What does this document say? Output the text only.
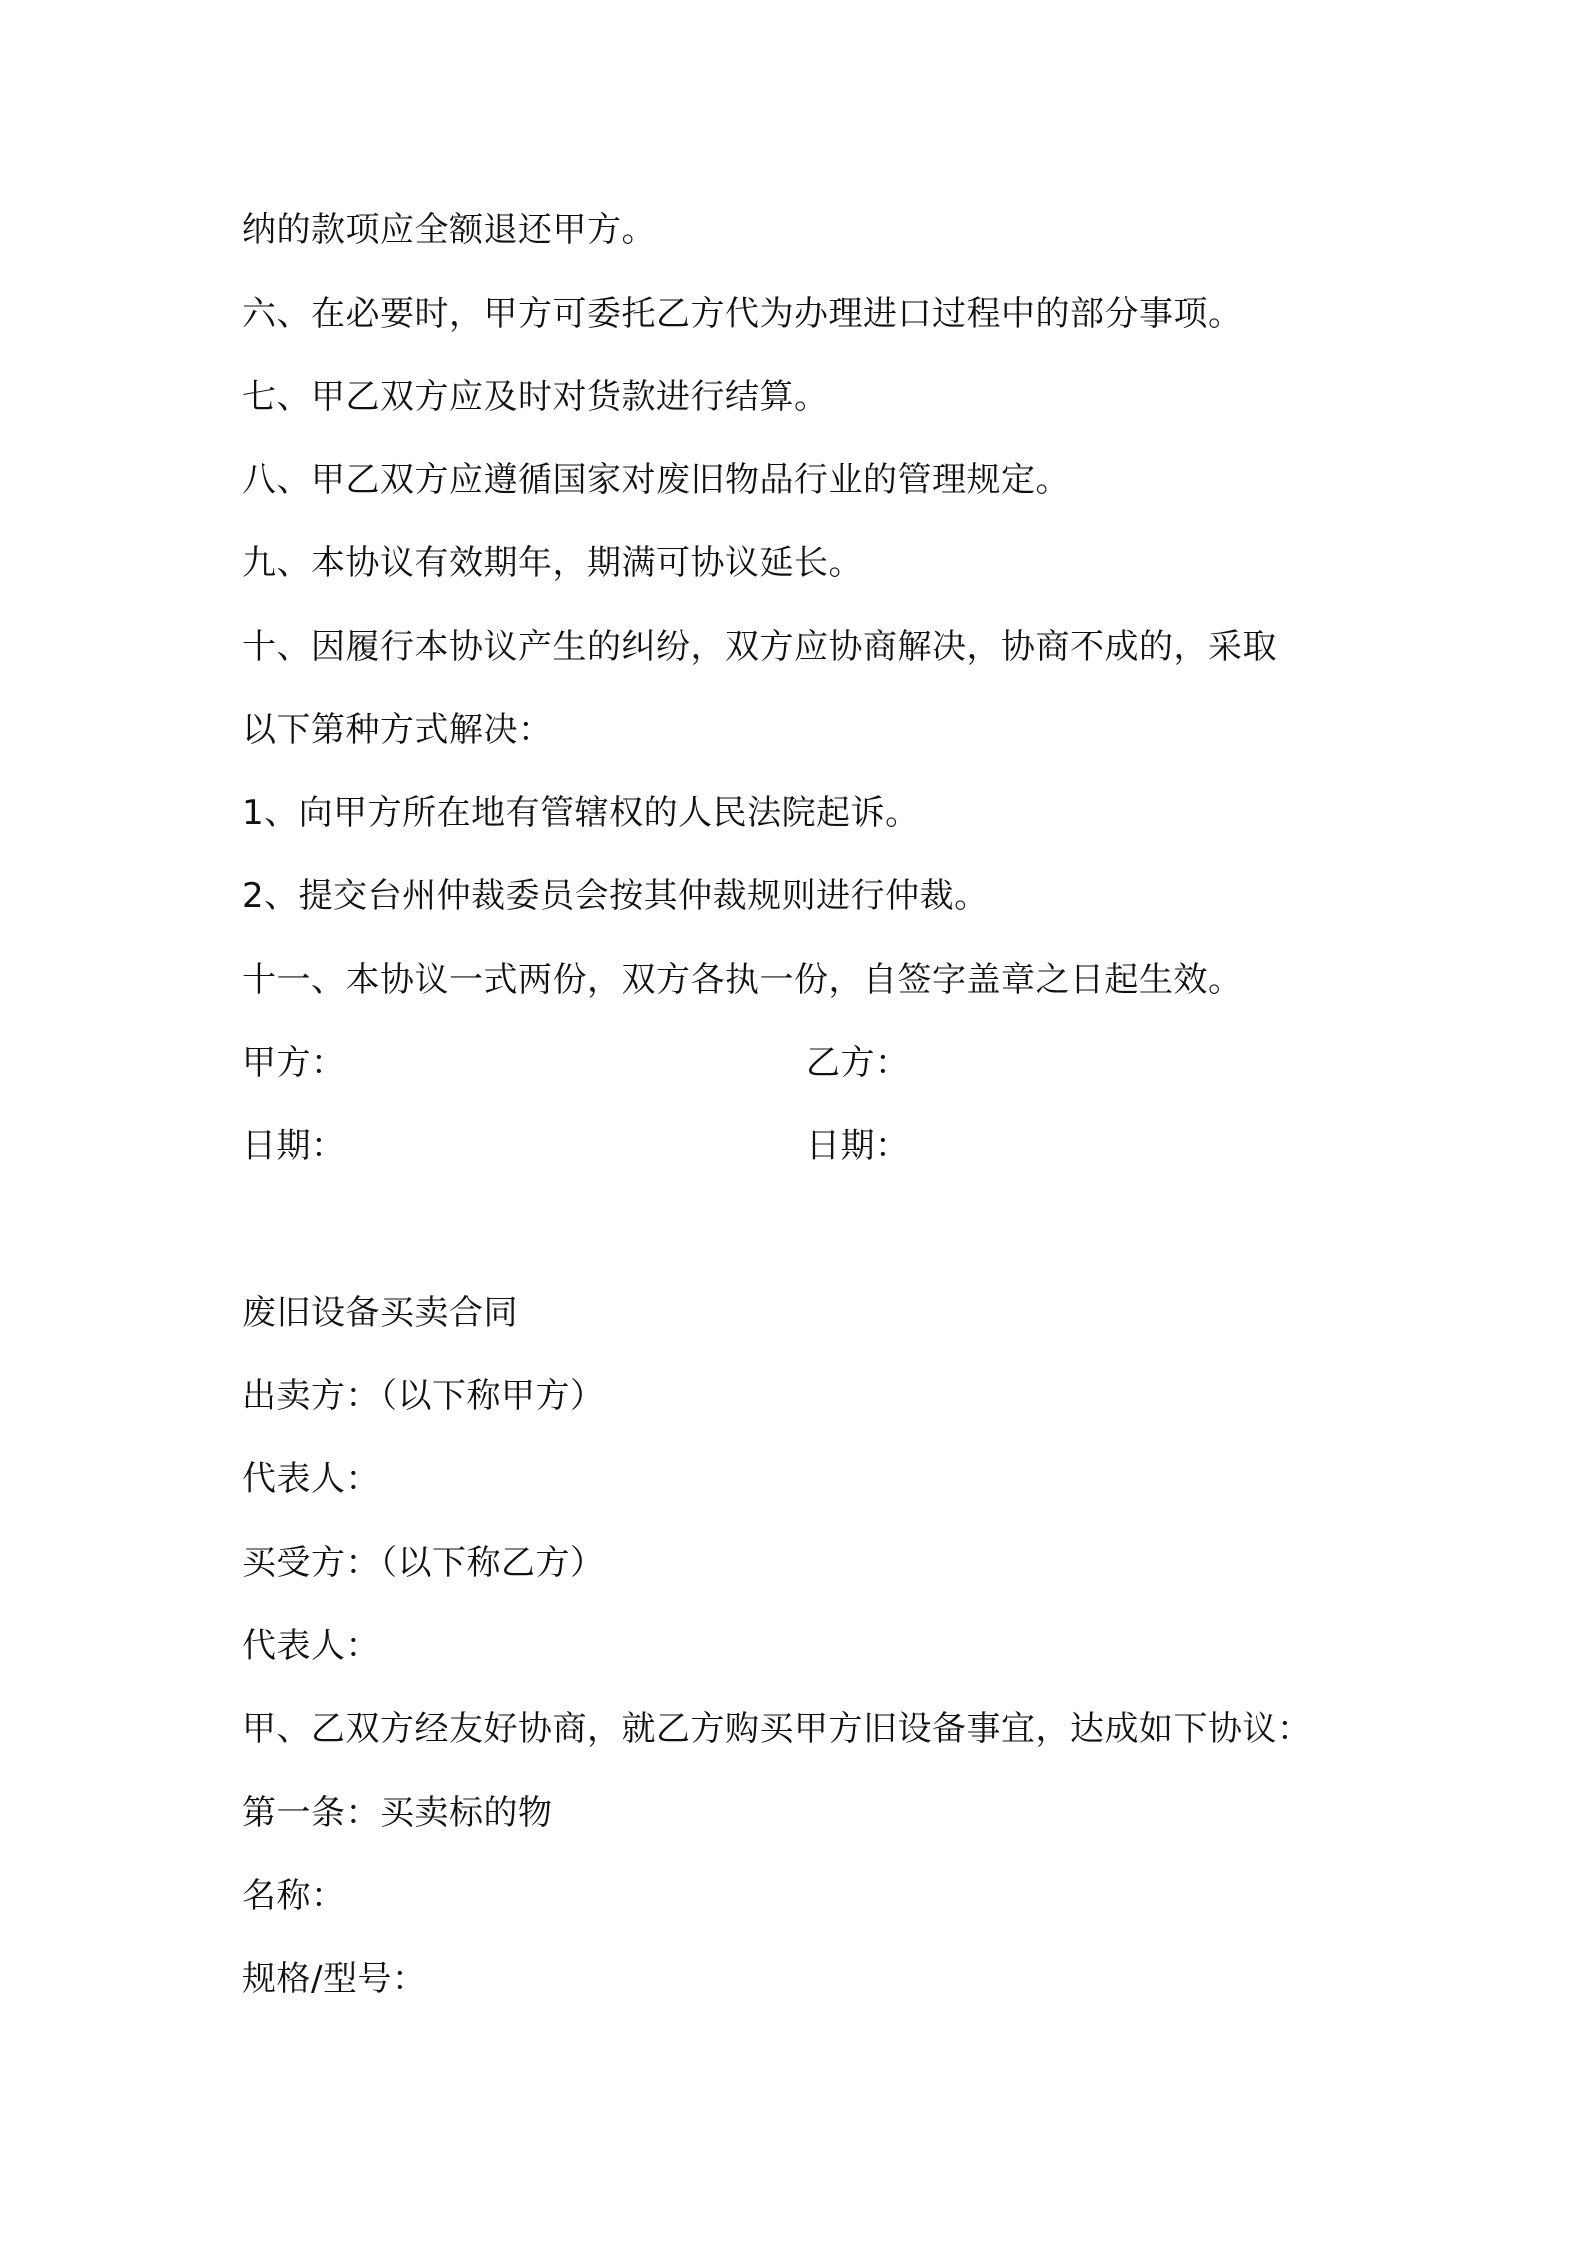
纳的款项应全额退还甲方。
六、在必要时，甲方可委托乙方代为办理进口过程中的部分事项。
七、甲乙双方应及时对货款进行结算。
八、甲乙双方应遵循国家对废旧物品行业的管理规定。
九、本协议有效期年，期满可协议延长。
十、因履行本协议产生的纠纷，双方应协商解决，协商不成的，采取
以下第种方式解决：
1、向甲方所在地有管辖权的人民法院起诉。
2、提交台州仲裁委员会按其仲裁规则进行仲裁。
十一、本协议一式两份，双方各执一份，自签字盖章之日起生效。
甲方：	乙方：
日期：	日期：
废旧设备买卖合同
出卖方：（以下称甲方）
代表人：
买受方：（以下称乙方）
代表人：
甲、乙双方经友好协商，就乙方购买甲方旧设备事宜，达成如下协议：
第一条：买卖标的物
名称：
规格/型号：
